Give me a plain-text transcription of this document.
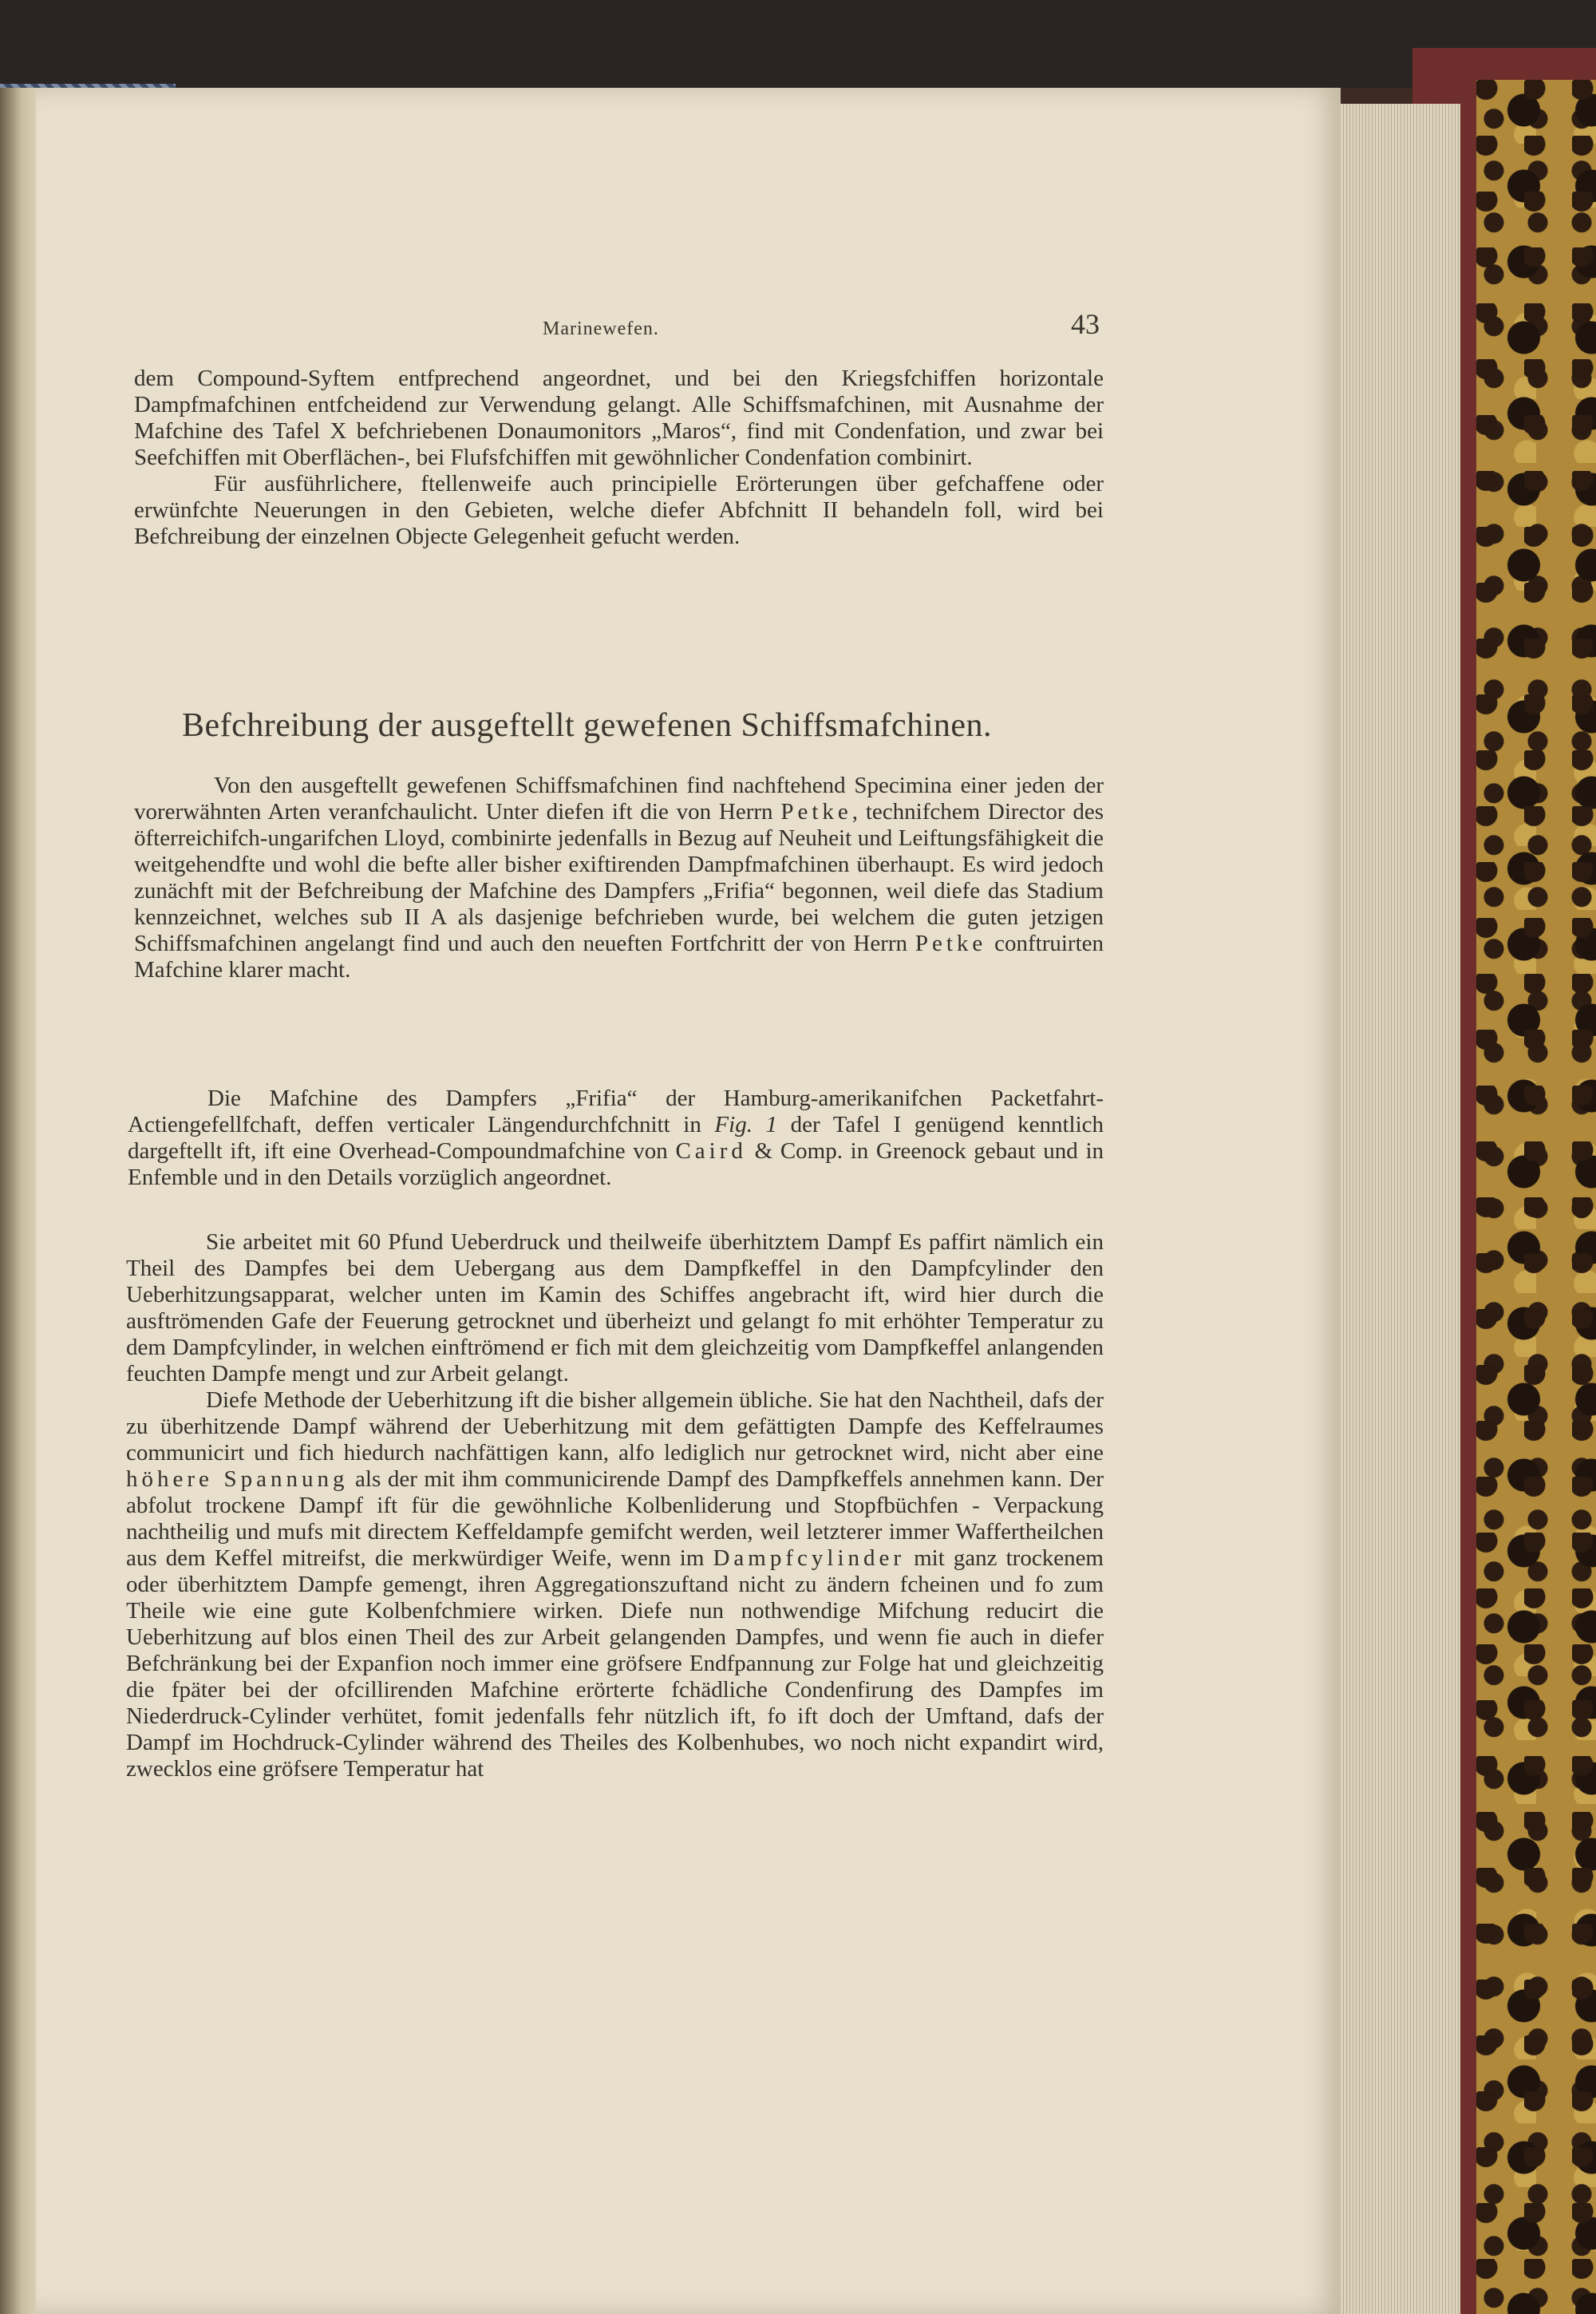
Marinewefen.	43

dem Compound-Syftem entfprechend angeordnet, und bei den Kriegsfchiffen horizontale Dampfmafchinen entfcheidend zur Verwendung gelangt. Alle Schiffsmafchinen, mit Ausnahme der Mafchine des Tafel X befchriebenen Donaumonitors „Maros“, find mit Condenfation, und zwar bei Seefchiffen mit Oberflächen-, bei Flufsfchiffen mit gewöhnlicher Condenfation combinirt.

Für ausführlichere, ftellenweife auch principielle Erörterungen über gefchaffene oder erwünfchte Neuerungen in den Gebieten, welche diefer Abfchnitt II behandeln foll, wird bei Befchreibung der einzelnen Objecte Gelegenheit gefucht werden.

Befchreibung der ausgeftellt gewefenen Schiffsmafchinen.

Von den ausgeftellt gewefenen Schiffsmafchinen find nachftehend Specimina einer jeden der vorerwähnten Arten veranfchaulicht. Unter diefen ift die von Herrn Petke, technifchem Director des öfterreichifch-ungarifchen Lloyd, combinirte jedenfalls in Bezug auf Neuheit und Leiftungsfähigkeit die weitgehendfte und wohl die befte aller bisher exiftirenden Dampfmafchinen überhaupt. Es wird jedoch zunächft mit der Befchreibung der Mafchine des Dampfers „Frifia“ begonnen, weil diefe das Stadium kennzeichnet, welches sub II A als dasjenige befchrieben wurde, bei welchem die guten jetzigen Schiffsmafchinen angelangt find und auch den neueften Fortfchritt der von Herrn Petke conftruirten Mafchine klarer macht.

Die Mafchine des Dampfers „Frifia“ der Hamburg-amerikanifchen Packetfahrt-Actiengefellfchaft, deffen verticaler Längendurchfchnitt in Fig. 1 der Tafel I genügend kenntlich dargeftellt ift, ift eine Overhead-Compoundmafchine von Caird & Comp. in Greenock gebaut und in Enfemble und in den Details vorzüglich angeordnet.

Sie arbeitet mit 60 Pfund Ueberdruck und theilweife überhitztem Dampf Es paffirt nämlich ein Theil des Dampfes bei dem Uebergang aus dem Dampfkeffel in den Dampfcylinder den Ueberhitzungsapparat, welcher unten im Kamin des Schiffes angebracht ift, wird hier durch die ausftrömenden Gafe der Feuerung getrocknet und überheizt und gelangt fo mit erhöhter Temperatur zu dem Dampfcylinder, in welchen einftrömend er fich mit dem gleichzeitig vom Dampfkeffel anlangenden feuchten Dampfe mengt und zur Arbeit gelangt.

Diefe Methode der Ueberhitzung ift die bisher allgemein übliche. Sie hat den Nachtheil, dafs der zu überhitzende Dampf während der Ueberhitzung mit dem gefättigten Dampfe des Keffelraumes communicirt und fich hiedurch nachfättigen kann, alfo lediglich nur getrocknet wird, nicht aber eine höhere Spannung als der mit ihm communicirende Dampf des Dampfkeffels annehmen kann. Der abfolut trockene Dampf ift für die gewöhnliche Kolbenliderung und Stopfbüchfen - Verpackung nachtheilig und mufs mit directem Keffeldampfe gemifcht werden, weil letzterer immer Waffertheilchen aus dem Keffel mitreifst, die merkwürdiger Weife, wenn im Dampfcylinder mit ganz trockenem oder überhitztem Dampfe gemengt, ihren Aggregationszuftand nicht zu ändern fcheinen und fo zum Theile wie eine gute Kolbenfchmiere wirken. Diefe nun nothwendige Mifchung reducirt die Ueberhitzung auf blos einen Theil des zur Arbeit gelangenden Dampfes, und wenn fie auch in diefer Befchränkung bei der Expanfion noch immer eine gröfsere Endfpannung zur Folge hat und gleichzeitig die fpäter bei der ofcillirenden Mafchine erörterte fchädliche Condenfirung des Dampfes im Niederdruck-Cylinder verhütet, fomit jedenfalls fehr nützlich ift, fo ift doch der Umftand, dafs der Dampf im Hochdruck-Cylinder während des Theiles des Kolbenhubes, wo noch nicht expandirt wird, zwecklos eine gröfsere Temperatur hat
